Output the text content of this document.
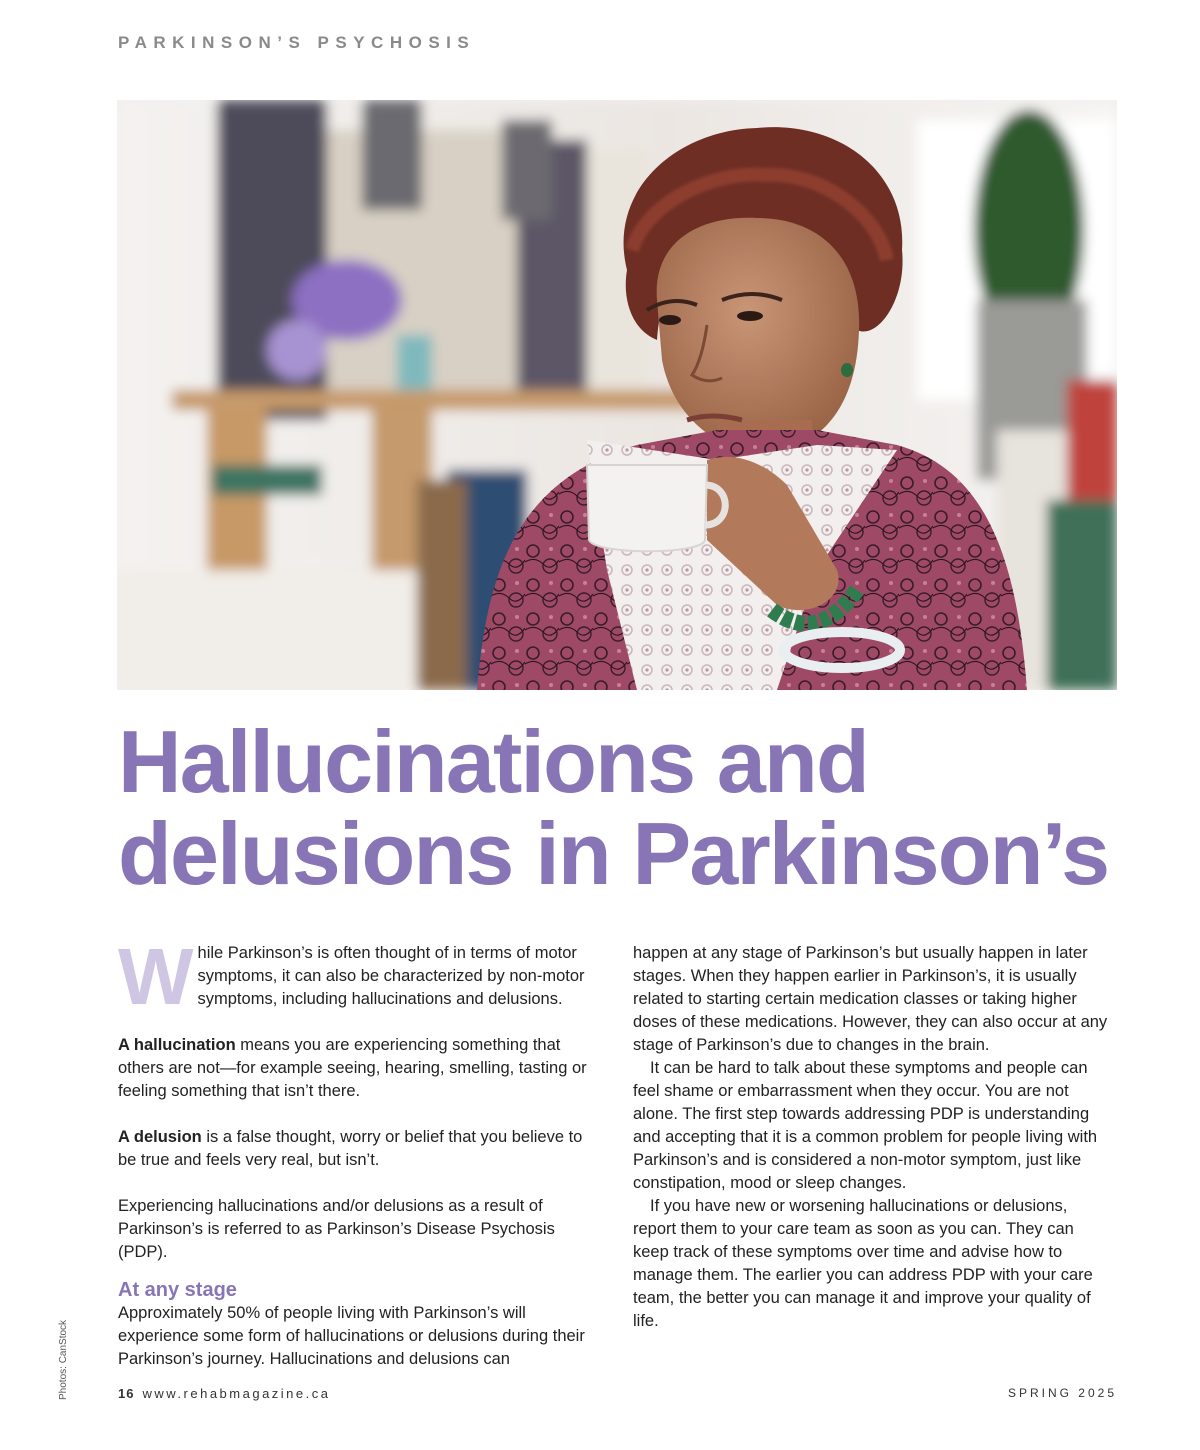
PARKINSON’S PSYCHOSIS
Hallucinations and
delusions in Parkinson’s

While Parkinson’s is often thought of in terms of motor symptoms, it can also be characterized by non-motor symptoms, including hallucinations and delusions.

A hallucination means you are experiencing something that others are not—for example seeing, hearing, smelling, tasting or feeling something that isn’t there.

A delusion is a false thought, worry or belief that you believe to be true and feels very real, but isn’t.

Experiencing hallucinations and/or delusions as a result of Parkinson’s is referred to as Parkinson’s Disease Psychosis (PDP).

At any stage

Approximately 50% of people living with Parkinson’s will experience some form of hallucinations or delusions during their Parkinson’s journey. Hallucinations and delusions can

happen at any stage of Parkinson’s but usually happen in later stages. When they happen earlier in Parkinson’s, it is usually related to starting certain medication classes or taking higher doses of these medications. However, they can also occur at any stage of Parkinson’s due to changes in the brain.

It can be hard to talk about these symptoms and people can feel shame or embarrassment when they occur. You are not alone. The first step towards addressing PDP is understanding and accepting that it is a common problem for people living with Parkinson’s and is considered a non-motor symptom, just like constipation, mood or sleep changes.

If you have new or worsening hallucinations or delusions, report them to your care team as soon as you can. They can keep track of these symptoms over time and advise how to manage them. The earlier you can address PDP with your care team, the better you can manage it and improve your quality of life.

Photos: CanStock	16 www.rehabmagazine.ca	SPRING 2025
